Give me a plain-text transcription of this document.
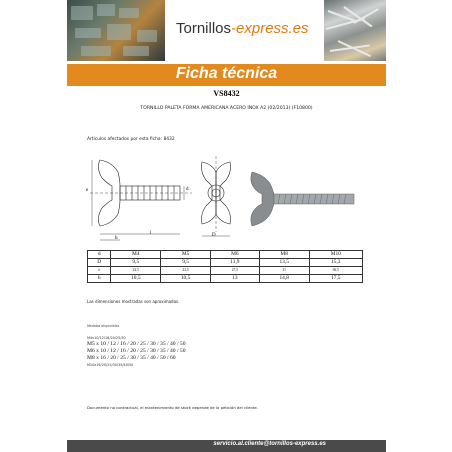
Tornillos-express.es
Ficha técnica
VS8432
TORNILLO PALETA FORMA AMERICANA ACERO INOX A2 (02/2013) (F10800)
Artículos afectados por esta ficha: 8432
e	d
h
l	D
d	M4	M5	M6	M8	M10
D	9,5	9,5	11,9	13,5	15,3
e	22,5	22,5	27,5	31	36,5
h	10,5	10,5	13	14,8	17,5
Las dimensiones mostradas son aproximadas.
Medidas disponibles
M4x10/12/16/20/25/30
M5 x 10 / 12 / 16 / 20 / 25 / 30 / 35 / 40 / 50
M6 x 10 / 12 / 16 / 20 / 25 / 30 / 35 / 40 / 50
M8 x 16 / 20 / 25 / 30 / 35 / 40 / 50 / 60
M10x16/20/25/30/35/40/50
Documento no contractual, el mantenimiento de stock depende de la petición del cliente.
servicio.al.cliente@tornillos-express.es
